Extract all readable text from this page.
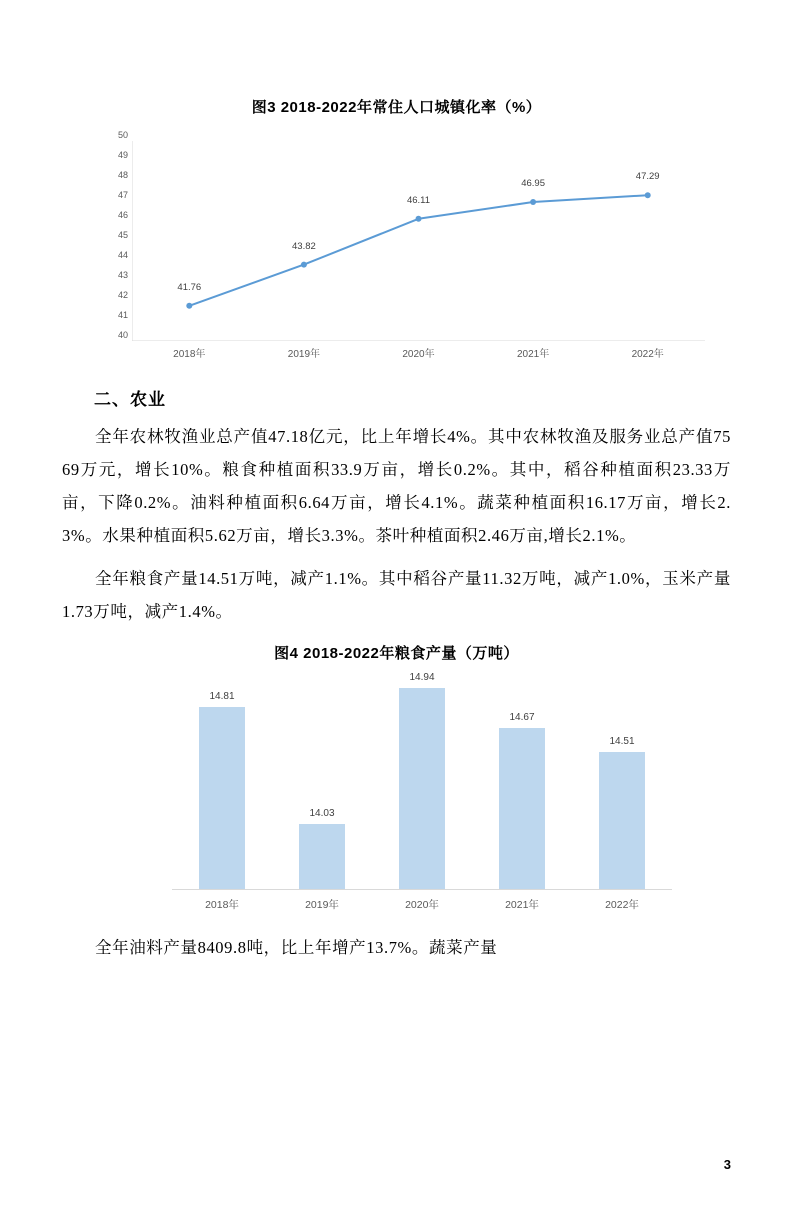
图3 2018-2022年常住人口城镇化率（%）
40
41
42
43
44
45
46
47
48
49
50
41.76
43.82
46.11
46.95
47.29
2018年	2019年	2020年	2021年	2022年
二、农业

全年农林牧渔业总产值47.18亿元，比上年增长4%。其中农林牧渔及服务业总产值7569万元，增长10%。粮食种植面积33.9万亩，增长0.2%。其中，稻谷种植面积23.33万亩，下降0.2%。油料种植面积6.64万亩，增长4.1%。蔬菜种植面积16.17万亩，增长2.3%。水果种植面积5.62万亩，增长3.3%。茶叶种植面积2.46万亩,增长2.1%。

全年粮食产量14.51万吨，减产1.1%。其中稻谷产量11.32万吨，减产1.0%，玉米产量1.73万吨，减产1.4%。

图4 2018-2022年粮食产量（万吨）
14.81
14.03
14.94
14.67
14.51
2018年	2019年	2020年	2021年	2022年

全年油料产量8409.8吨，比上年增产13.7%。蔬菜产量

3
